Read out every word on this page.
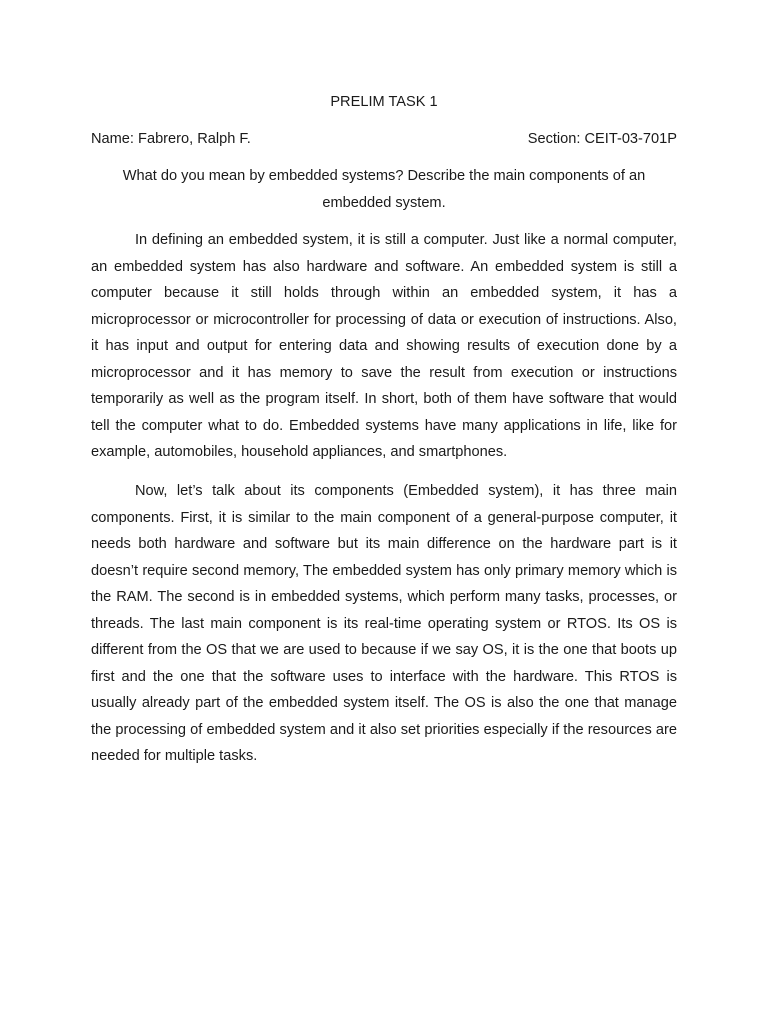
PRELIM TASK 1
Name: Fabrero, Ralph F.	Section: CEIT-03-701P
What do you mean by embedded systems? Describe the main components of an embedded system.

In defining an embedded system, it is still a computer. Just like a normal computer, an embedded system has also hardware and software. An embedded system is still a computer because it still holds through within an embedded system, it has a microprocessor or microcontroller for processing of data or execution of instructions. Also, it has input and output for entering data and showing results of execution done by a microprocessor and it has memory to save the result from execution or instructions temporarily as well as the program itself. In short, both of them have software that would tell the computer what to do. Embedded systems have many applications in life, like for example, automobiles, household appliances, and smartphones.

Now, let’s talk about its components (Embedded system), it has three main components. First, it is similar to the main component of a general-purpose computer, it needs both hardware and software but its main difference on the hardware part is it doesn’t require second memory, The embedded system has only primary memory which is the RAM. The second is in embedded systems, which perform many tasks, processes, or threads. The last main component is its real-time operating system or RTOS. Its OS is different from the OS that we are used to because if we say OS, it is the one that boots up first and the one that the software uses to interface with the hardware. This RTOS is usually already part of the embedded system itself. The OS is also the one that manage the processing of embedded system and it also set priorities especially if the resources are needed for multiple tasks.
